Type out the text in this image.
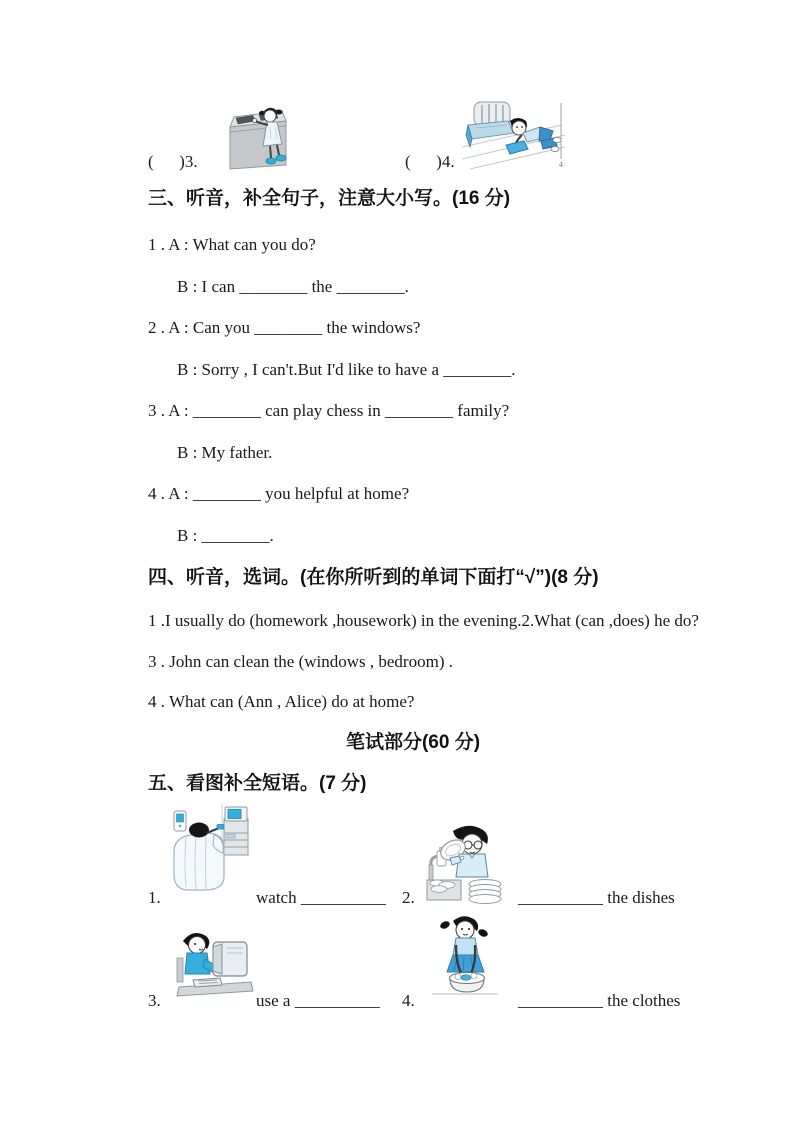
(      )3.	(      )4.	4
三、听音，补全句子，注意大小写。(16 分)
1 . A : What can you do?
B : I can ________ the ________.
2 . A : Can you ________ the windows?
B : Sorry , I can't.But I'd like to have a ________.
3 . A : ________ can play chess in ________ family?
B : My father.
4 . A : ________ you helpful at home?
B : ________.
四、听音，选词。(在你所听到的单词下面打“√”)(8 分)
1 .I usually do (homework ,housework) in the evening.2.What (can ,does) he do?
3 . John can clean the (windows , bedroom) .
4 . What can (Ann , Alice) do at home?
笔试部分(60 分)
五、看图补全短语。(7 分)
1.	watch __________ 2.	__________ the dishes
3.	use a __________ 4.	__________ the clothes
